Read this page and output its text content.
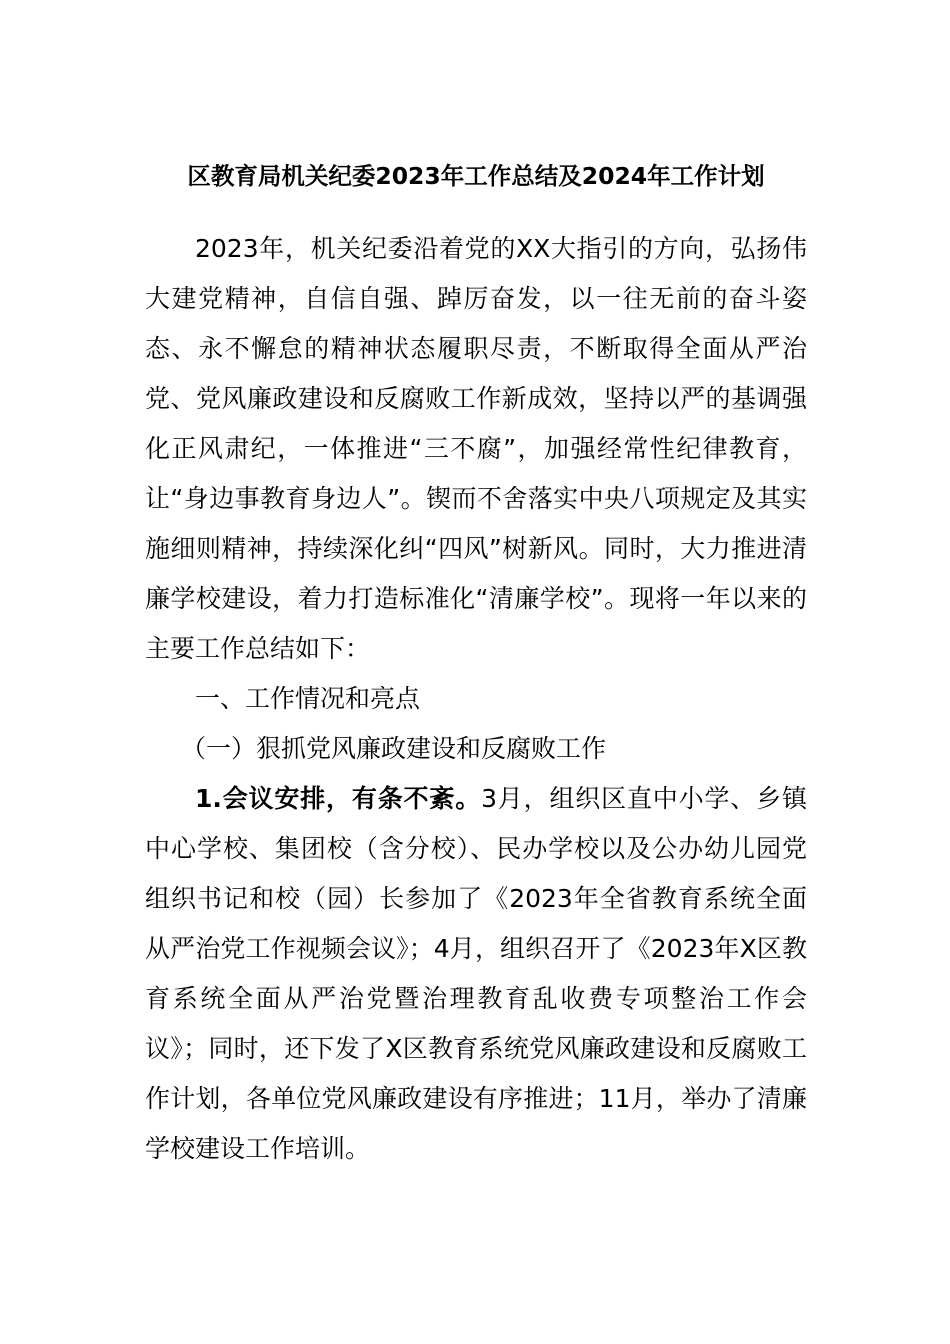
区教育局机关纪委2023年工作总结及2024年工作计划

2023年，机关纪委沿着党的XX大指引的方向，弘扬伟大建党精神，自信自强、踔厉奋发，以一往无前的奋斗姿态、永不懈怠的精神状态履职尽责，不断取得全面从严治党、党风廉政建设和反腐败工作新成效，坚持以严的基调强化正风肃纪，一体推进“三不腐”，加强经常性纪律教育，让“身边事教育身边人”。锲而不舍落实中央八项规定及其实施细则精神，持续深化纠“四风”树新风。同时，大力推进清廉学校建设，着力打造标准化“清廉学校”。现将一年以来的主要工作总结如下：

一、工作情况和亮点

（一）狠抓党风廉政建设和反腐败工作

1.会议安排，有条不紊。3月，组织区直中小学、乡镇中心学校、集团校（含分校）、民办学校以及公办幼儿园党组织书记和校（园）长参加了《2023年全省教育系统全面从严治党工作视频会议》；4月，组织召开了《2023年X区教育系统全面从严治党暨治理教育乱收费专项整治工作会议》；同时，还下发了X区教育系统党风廉政建设和反腐败工作计划，各单位党风廉政建设有序推进；11月，举办了清廉学校建设工作培训。
